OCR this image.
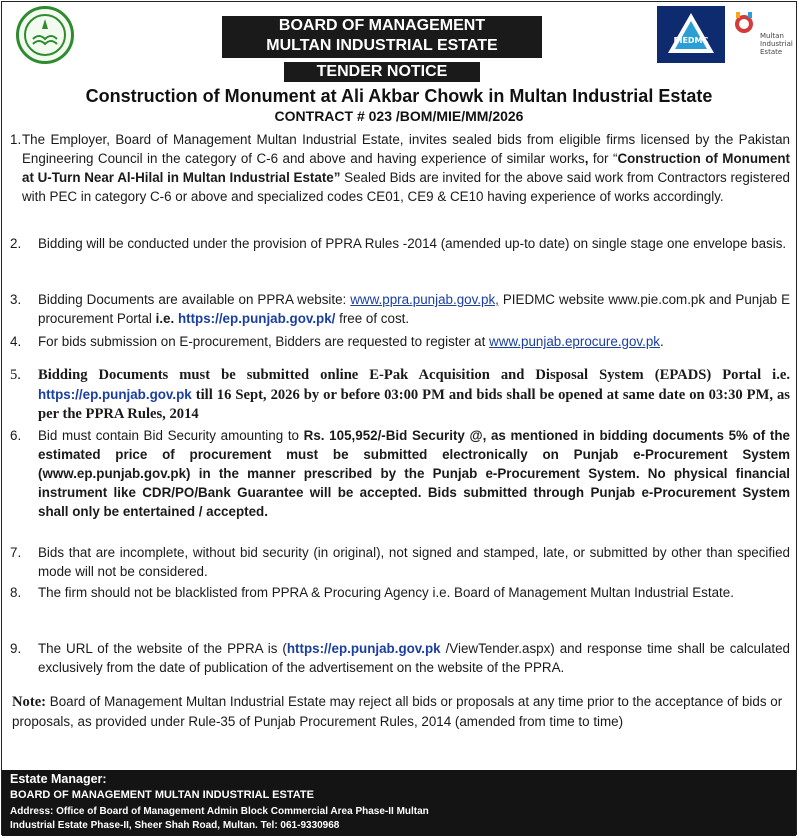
BOARD OF MANAGEMENT
MULTAN INDUSTRIAL ESTATE
TENDER NOTICE
PIEDMC	Multan
Industrial
Estate
Construction of Monument at Ali Akbar Chowk in Multan Industrial Estate
CONTRACT # 023 /BOM/MIE/MM/2026
1. The Employer, Board of Management Multan Industrial Estate, invites sealed bids from eligible firms licensed by the Pakistan Engineering Council in the category of C-6 and above and having experience of similar works, for “Construction of Monument at U-Turn Near Al-Hilal in Multan Industrial Estate” Sealed Bids are invited for the above said work from Contractors registered with PEC in category C-6 or above and specialized codes CE01, CE9 & CE10 having experience of works accordingly.
2. Bidding will be conducted under the provision of PPRA Rules -2014 (amended up-to date) on single stage one envelope basis.
3. Bidding Documents are available on PPRA website: www.ppra.punjab.gov.pk, PIEDMC website www.pie.com.pk and Punjab E procurement Portal i.e. https://ep.punjab.gov.pk/ free of cost.
4. For bids submission on E-procurement, Bidders are requested to register at www.punjab.eprocure.gov.pk.
5. Bidding Documents must be submitted online E-Pak Acquisition and Disposal System (EPADS) Portal i.e. https://ep.punjab.gov.pk till 16 Sept, 2026 by or before 03:00 PM and bids shall be opened at same date on 03:30 PM, as per the PPRA Rules, 2014
6. Bid must contain Bid Security amounting to Rs. 105,952/-Bid Security @, as mentioned in bidding documents 5% of the estimated price of procurement must be submitted electronically on Punjab e-Procurement System (www.ep.punjab.gov.pk) in the manner prescribed by the Punjab e-Procurement System. No physical financial instrument like CDR/PO/Bank Guarantee will be accepted. Bids submitted through Punjab e-Procurement System shall only be entertained / accepted.
7. Bids that are incomplete, without bid security (in original), not signed and stamped, late, or submitted by other than specified mode will not be considered.
8. The firm should not be blacklisted from PPRA & Procuring Agency i.e. Board of Management Multan Industrial Estate.
9. The URL of the website of the PPRA is (https://ep.punjab.gov.pk /ViewTender.aspx) and response time shall be calculated exclusively from the date of publication of the advertisement on the website of the PPRA.
Note: Board of Management Multan Industrial Estate may reject all bids or proposals at any time prior to the acceptance of bids or proposals, as provided under Rule-35 of Punjab Procurement Rules, 2014 (amended from time to time)
Estate Manager:
BOARD OF MANAGEMENT MULTAN INDUSTRIAL ESTATE
Address: Office of Board of Management Admin Block Commercial Area Phase-II Multan
Industrial Estate Phase-II, Sheer Shah Road, Multan. Tel: 061-9330968
